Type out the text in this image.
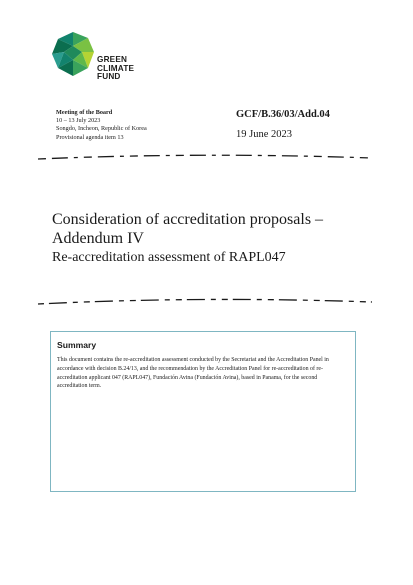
GREEN
CLIMATE
FUND
Meeting of the Board
10 – 13 July 2023
Songdo, Incheon, Republic of Korea
Provisional agenda item 13
GCF/B.36/03/Add.04
19 June 2023
Consideration of accreditation proposals – Addendum IV
Re-accreditation assessment of RAPL047
Summary

This document contains the re-accreditation assessment conducted by the Secretariat and the Accreditation Panel in accordance with decision B.24/13, and the recommendation by the Accreditation Panel for re-accreditation of re-accreditation applicant 047 (RAPL047), Fundación Avina (Fundación Avina), based in Panama, for the second accreditation term.
